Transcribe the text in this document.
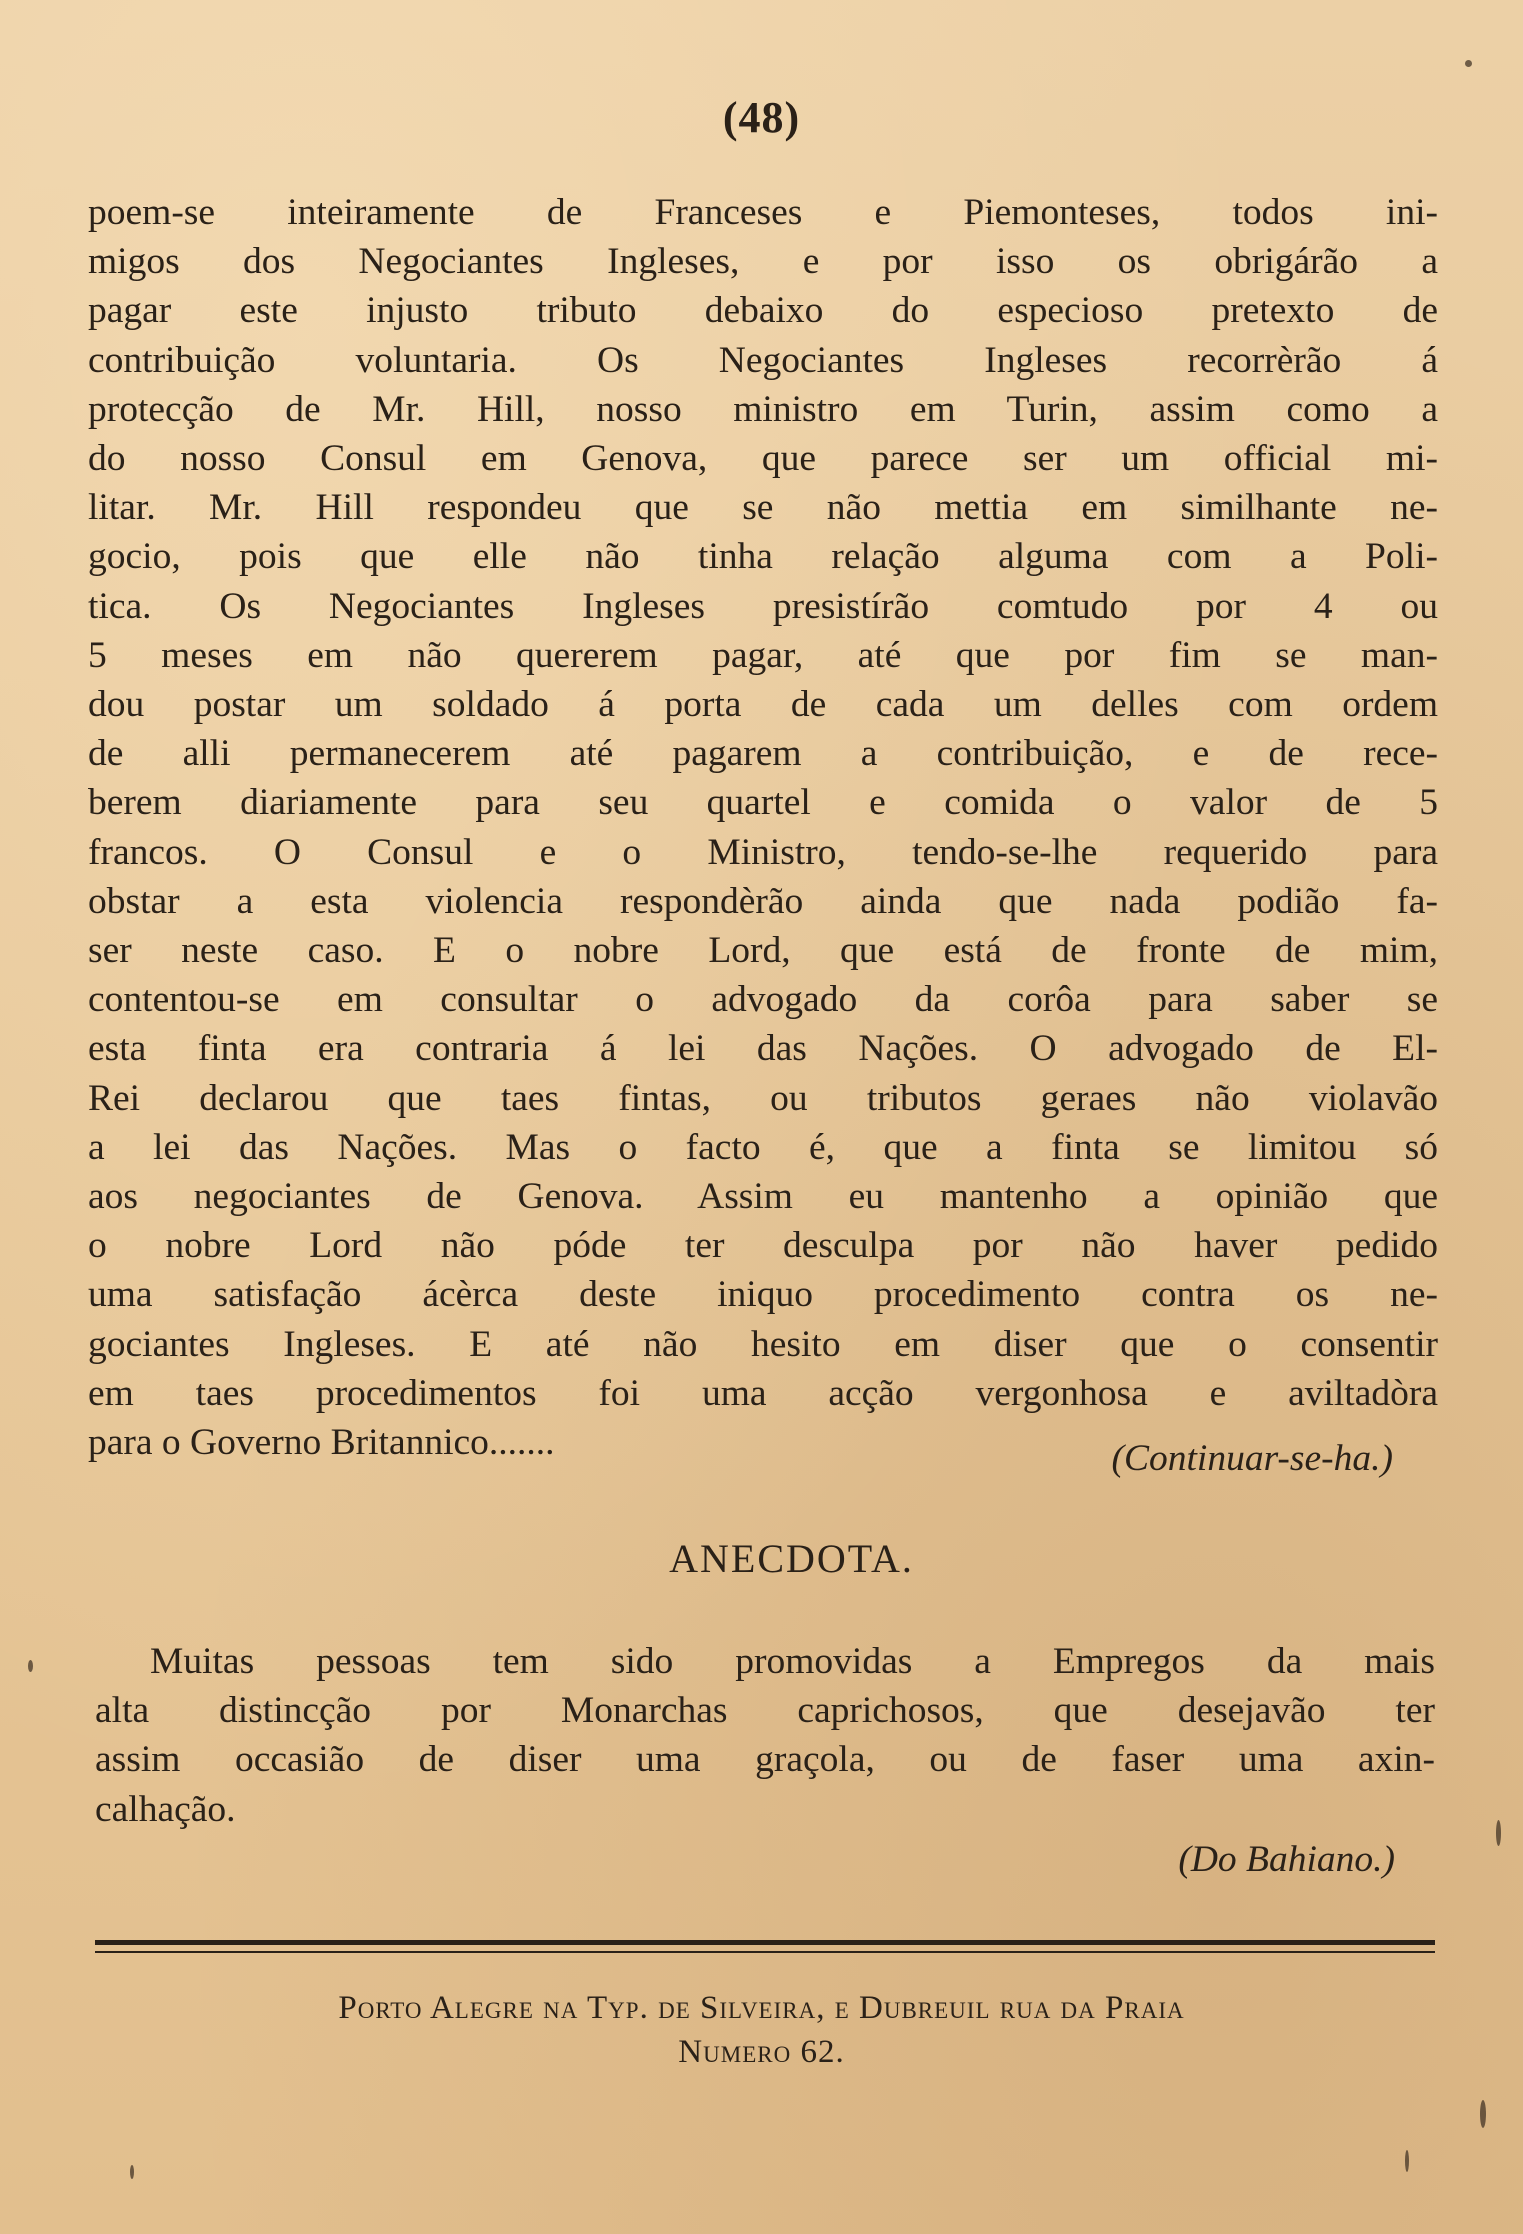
(48)
poem-se inteiramente de Franceses e Piemonteses, todos ini-
migos dos Negociantes Ingleses, e por isso os obrigárão a
pagar este injusto tributo debaixo do especioso pretexto de
contribuição voluntaria. Os Negociantes Ingleses recorrèrão á
protecção de Mr. Hill, nosso ministro em Turin, assim como a
do nosso Consul em Genova, que parece ser um official mi-
litar. Mr. Hill respondeu que se não mettia em similhante ne-
gocio, pois que elle não tinha relação alguma com a Poli-
tica. Os Negociantes Ingleses presistírão comtudo por 4 ou
5 meses em não quererem pagar, até que por fim se man-
dou postar um soldado á porta de cada um delles com ordem
de alli permanecerem até pagarem a contribuição, e de rece-
berem diariamente para seu quartel e comida o valor de 5
francos. O Consul e o Ministro, tendo-se-lhe requerido para
obstar a esta violencia respondèrão ainda que nada podião fa-
ser neste caso. E o nobre Lord, que está de fronte de mim,
contentou-se em consultar o advogado da corôa para saber se
esta finta era contraria á lei das Nações. O advogado de El-
Rei declarou que taes fintas, ou tributos geraes não violavão
a lei das Nações. Mas o facto é, que a finta se limitou só
aos negociantes de Genova. Assim eu mantenho a opinião que
o nobre Lord não póde ter desculpa por não haver pedido
uma satisfação ácèrca deste iniquo procedimento contra os ne-
gociantes Ingleses. E até não hesito em diser que o consentir
em taes procedimentos foi uma acção vergonhosa e aviltadòra
para o Governo Britannico.......	(Continuar-se-ha.)
ANECDOTA.
Muitas pessoas tem sido promovidas a Empregos da mais
alta distincção por Monarchas caprichosos, que desejavão ter
assim occasião de diser uma graçola, ou de faser uma axin-
calhação.
(Do Bahiano.)
Porto Alegre na Typ. de Silveira, e Dubreuil rua da Praia
Numero 62.
